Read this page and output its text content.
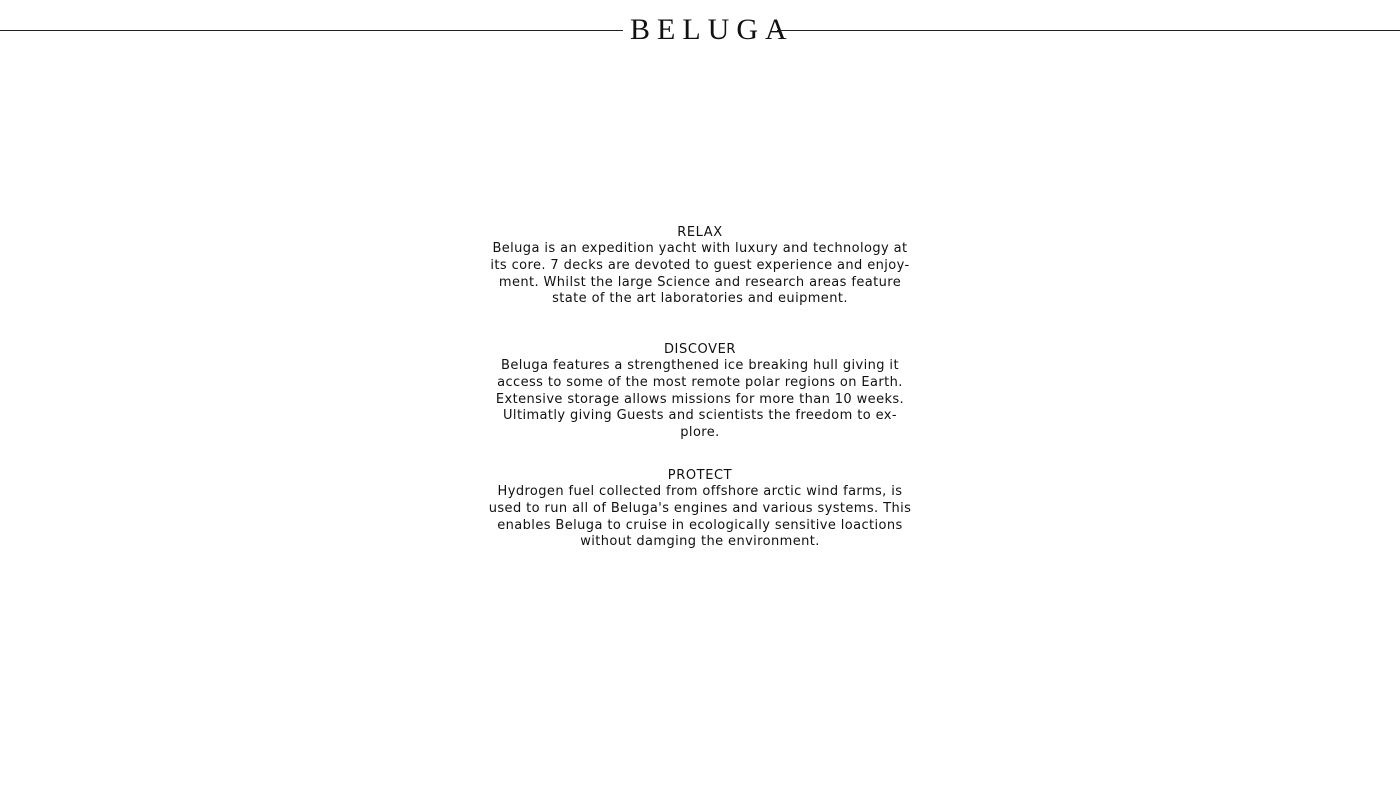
BELUGA
RELAX

Beluga is an expedition yacht with luxury and technology at its core. 7 decks are devoted to guest experience and enjoy-ment. Whilst the large Science and research areas feature state of the art laboratories and euipment.

DISCOVER

Beluga features a strengthened ice breaking hull giving it access to some of the most remote polar regions on Earth. Extensive storage allows missions for more than 10 weeks. Ultimatly giving Guests and scientists the freedom to ex-plore.

PROTECT

Hydrogen fuel collected from offshore arctic wind farms, is used to run all of Beluga's engines and various systems. This enables Beluga to cruise in ecologically sensitive loactions without damging the environment.
